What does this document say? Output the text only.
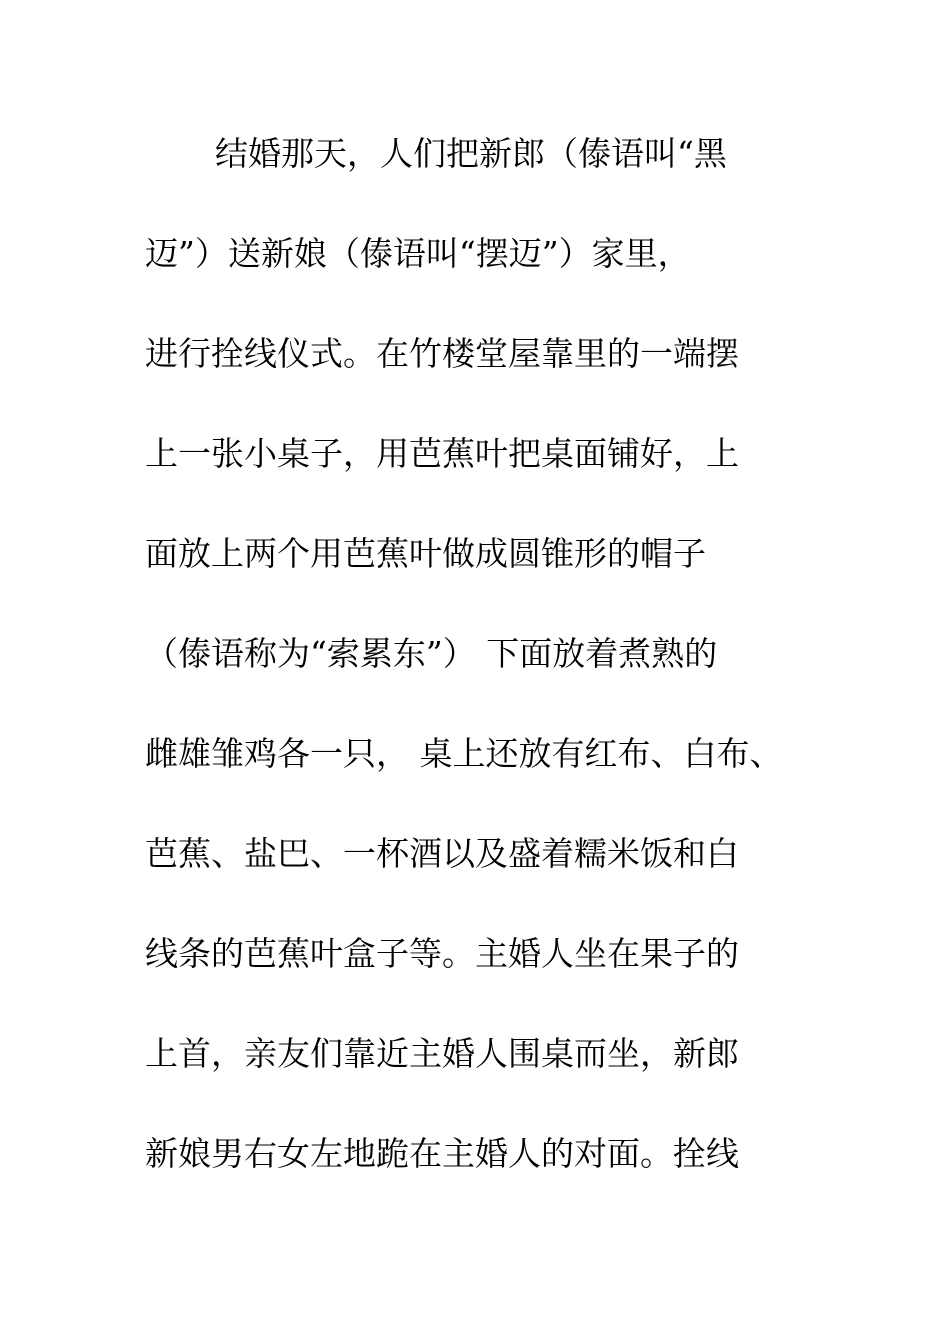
结婚那天，人们把新郎（傣语叫“黑
迈”）送新娘（傣语叫“摆迈”）家里，
进行拴线仪式。在竹楼堂屋靠里的一端摆
上一张小桌子，用芭蕉叶把桌面铺好，上
面放上两个用芭蕉叶做成圆锥形的帽子
（傣语称为“索累东”） 下面放着煮熟的
雌雄雏鸡各一只， 桌上还放有红布、白布、
芭蕉、盐巴、一杯酒以及盛着糯米饭和白
线条的芭蕉叶盒子等。主婚人坐在果子的
上首，亲友们靠近主婚人围桌而坐，新郎
新娘男右女左地跪在主婚人的对面。拴线
